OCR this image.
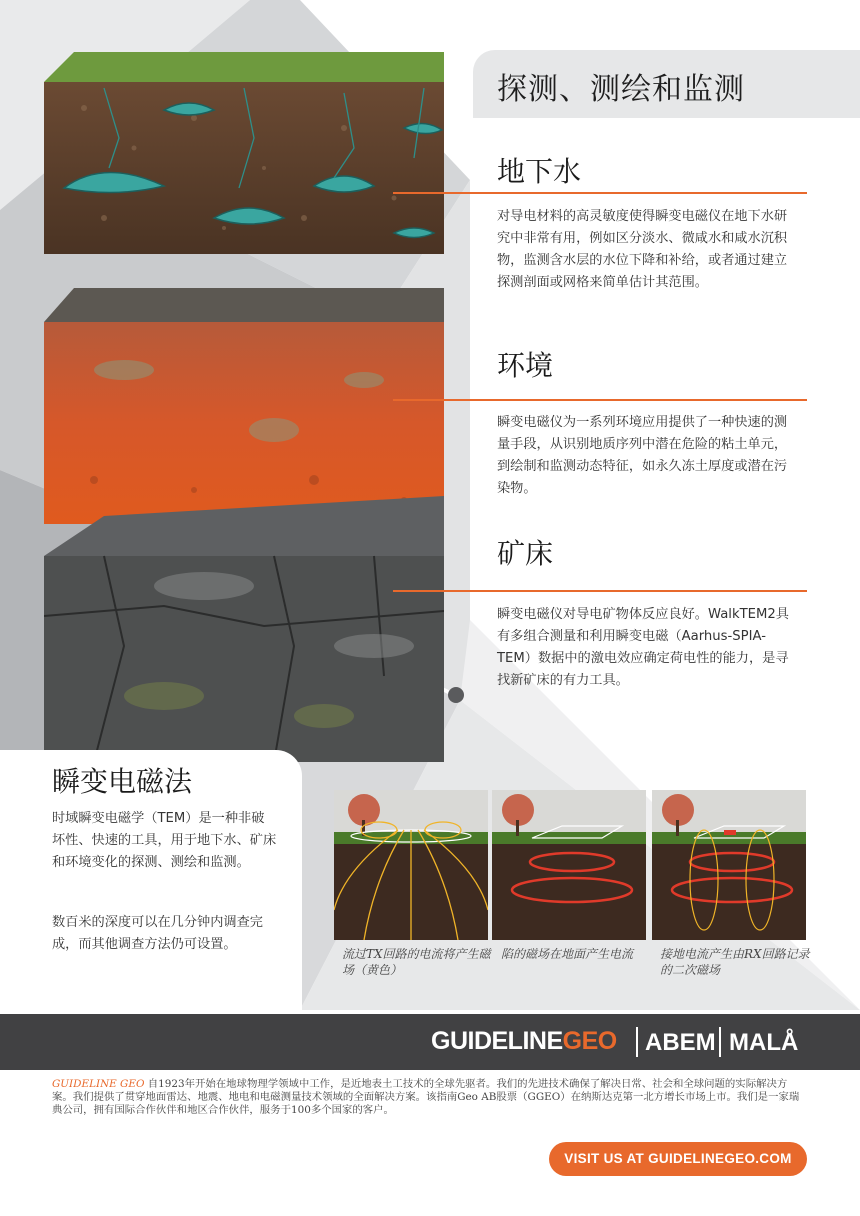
探测、测绘和监测
地下水

对导电材料的高灵敏度使得瞬变电磁仪在地下水研究中非常有用，例如区分淡水、微咸水和咸水沉积物，监测含水层的水位下降和补给，或者通过建立探测剖面或网格来简单估计其范围。

环境

瞬变电磁仪为一系列环境应用提供了一种快速的测量手段，从识别地质序列中潜在危险的粘土单元，到绘制和监测动态特征，如永久冻土厚度或潜在污染物。

矿床

瞬变电磁仪对导电矿物体反应良好。WalkTEM2具有多组合测量和利用瞬变电磁（Aarhus-SPIA-TEM）数据中的激电效应确定荷电性的能力，是寻找新矿床的有力工具。

瞬变电磁法

时域瞬变电磁学（TEM）是一种非破坏性、快速的工具，用于地下水、矿床和环境变化的探测、测绘和监测。

数百米的深度可以在几分钟内调查完成，而其他调查方法仍可设置。

流过TX回路的电流将产生磁场（黄色）

陷的磁场在地面产生电流	接地电流产生由RX回路记录的二次磁场

GUIDELINEGEO ABEM MALÅ

GUIDELINE GEO 自1923年开始在地球物理学领域中工作，是近地表土工技术的全球先驱者。我们的先进技术确保了解决日常、社会和全球问题的实际解决方案。我们提供了贯穿地面雷达、地震、地电和电磁测量技术领域的全面解决方案。该指南Geo AB股票（GGEO）在纳斯达克第一北方增长市场上市。我们是一家瑞典公司，拥有国际合作伙伴和地区合作伙伴，服务于100多个国家的客户。

VISIT US AT GUIDELINEGEO.COM
